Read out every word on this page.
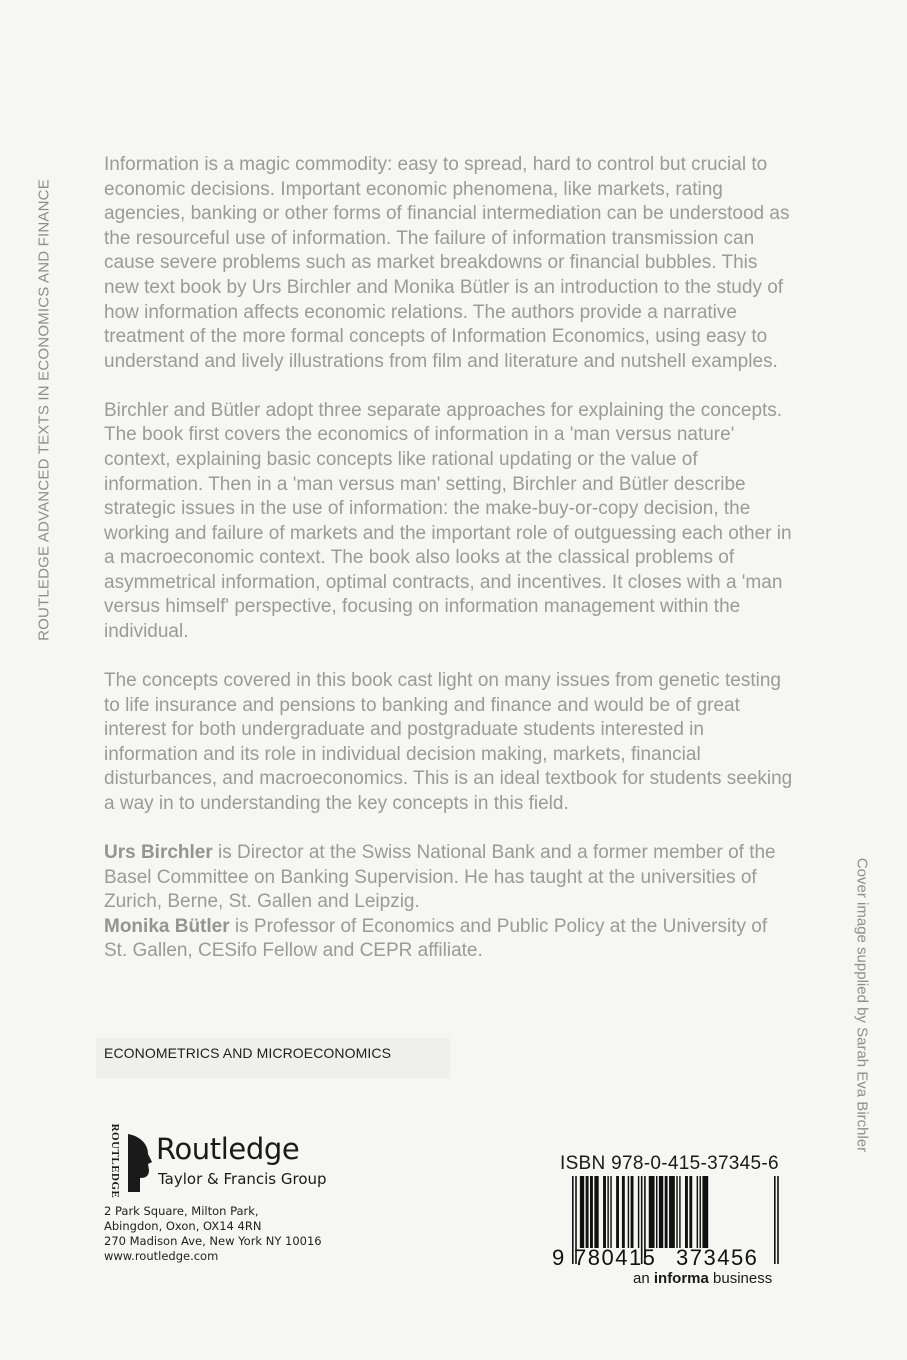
ROUTLEDGE ADVANCED TEXTS IN ECONOMICS AND FINANCE
Cover image supplied by Sarah Eva Birchler

Information is a magic commodity: easy to spread, hard to control but crucial to economic decisions. Important economic phenomena, like markets, rating agencies, banking or other forms of financial intermediation can be understood as the resourceful use of information. The failure of information transmission can cause severe problems such as market breakdowns or financial bubbles. This new text book by Urs Birchler and Monika Bütler is an introduction to the study of how information affects economic relations. The authors provide a narrative treatment of the more formal concepts of Information Economics, using easy to understand and lively illustrations from film and literature and nutshell examples.

Birchler and Bütler adopt three separate approaches for explaining the concepts. The book first covers the economics of information in a 'man versus nature' context, explaining basic concepts like rational updating or the value of information. Then in a 'man versus man' setting, Birchler and Bütler describe strategic issues in the use of information: the make-buy-or-copy decision, the working and failure of markets and the important role of outguessing each other in a macroeconomic context. The book also looks at the classical problems of asymmetrical information, optimal contracts, and incentives. It closes with a 'man versus himself' perspective, focusing on information management within the individual.

The concepts covered in this book cast light on many issues from genetic testing to life insurance and pensions to banking and finance and would be of great interest for both undergraduate and postgraduate students interested in information and its role in individual decision making, markets, financial disturbances, and macroeconomics. This is an ideal textbook for students seeking a way in to understanding the key concepts in this field.

Urs Birchler is Director at the Swiss National Bank and a former member of the Basel Committee on Banking Supervision. He has taught at the universities of Zurich, Berne, St. Gallen and Leipzig.
Monika Bütler is Professor of Economics and Public Policy at the University of St. Gallen, CESifo Fellow and CEPR affiliate.
ECONOMETRICS AND MICROECONOMICS
ROUTLEDGE Routledge
Taylor & Francis Group
2 Park Square, Milton Park,
Abingdon, Oxon, OX14 4RN
270 Madison Ave, New York NY 10016
www.routledge.com
ISBN 978-0-415-37345-6
9 780415 373456
an informa business
